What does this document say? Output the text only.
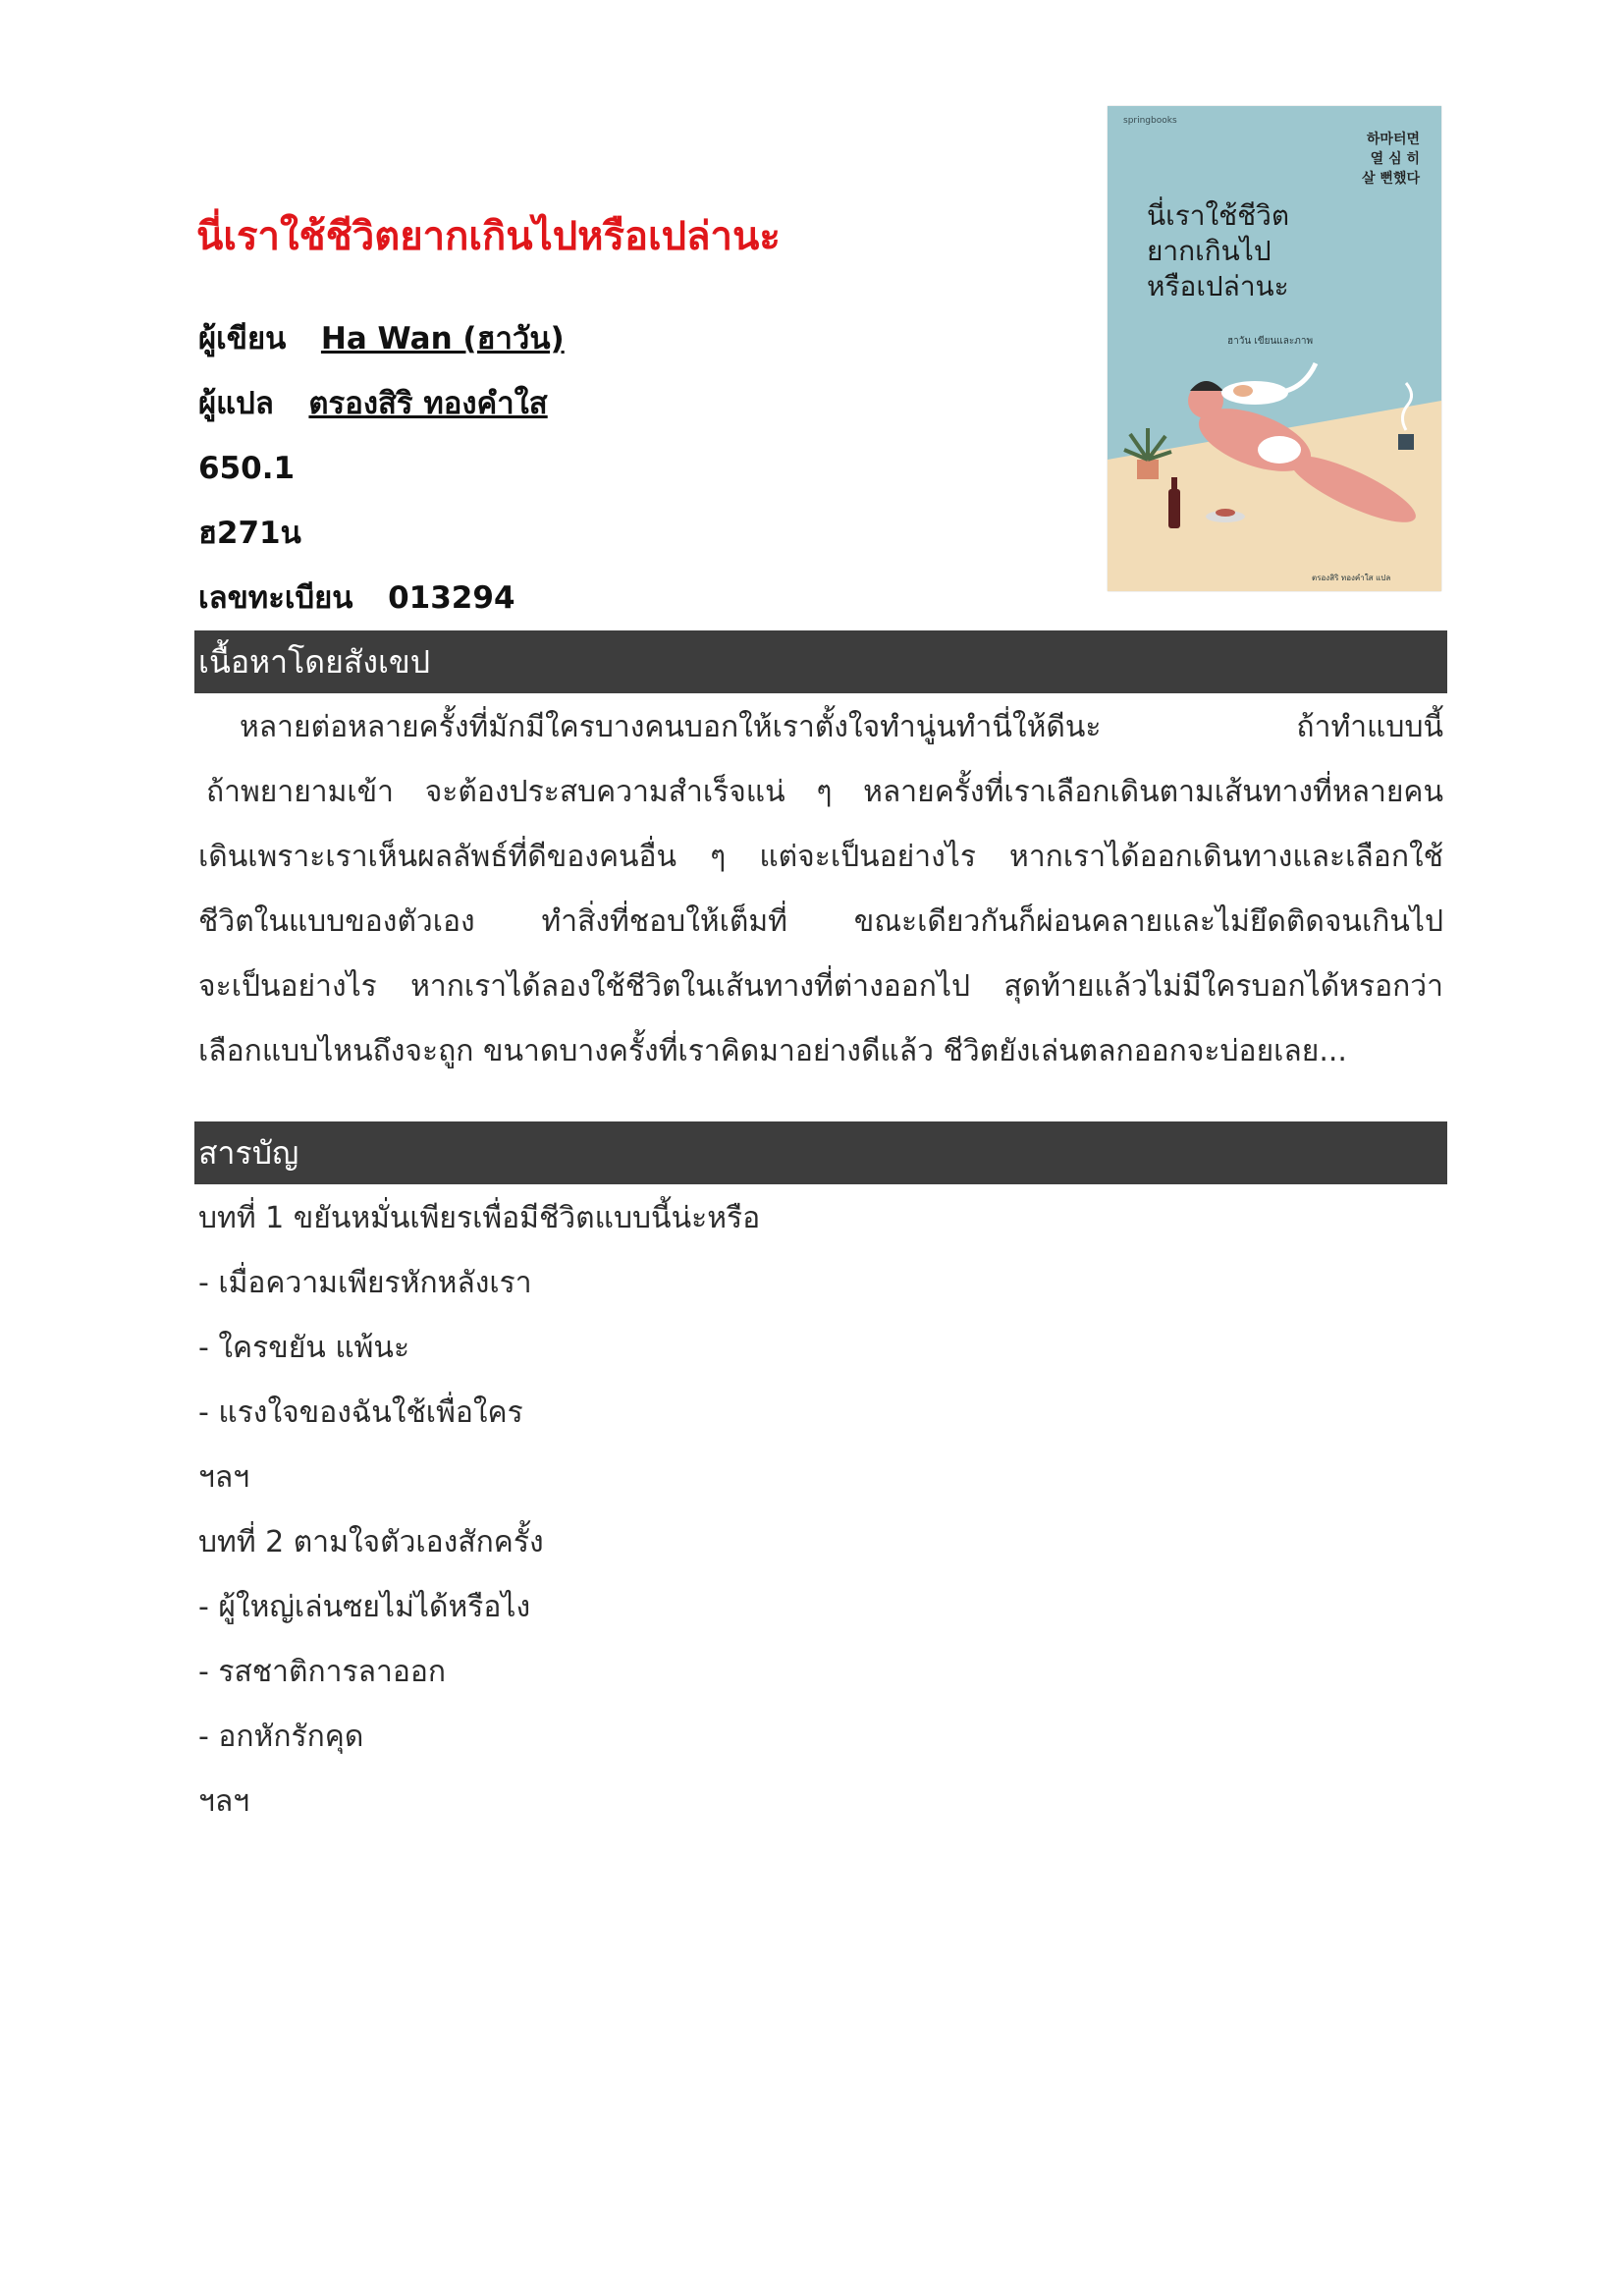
นี่เราใช้ชีวิตยากเกินไปหรือเปล่านะ
ผู้เขียน Ha Wan (ฮาวัน)
ผู้แปล ตรองสิริ ทองคำใส
650.1
ฮ271น
เลขทะเบียน 013294
springbooks
하마터면
열 심 히
살 뻔했다
นี่เราใช้ชีวิต
ยากเกินไป
หรือเปล่านะ
ฮาวัน เขียนและภาพ
ตรองสิริ ทองคำใส แปล
เนื้อหาโดยสังเขป
หลายต่อหลายครั้งที่มักมีใครบางคนบอกให้เราตั้งใจทำนู่นทำนี่ให้ดีนะ ถ้าทำแบบนี้
ถ้าพยายามเข้า จะต้องประสบความสำเร็จแน่ ๆ หลายครั้งที่เราเลือกเดินตามเส้นทางที่หลายคน
เดินเพราะเราเห็นผลลัพธ์ที่ดีของคนอื่น ๆ แต่จะเป็นอย่างไร หากเราได้ออกเดินทางและเลือกใช้
ชีวิตในแบบของตัวเอง ทำสิ่งที่ชอบให้เต็มที่ ขณะเดียวกันก็ผ่อนคลายและไม่ยึดติดจนเกินไป
จะเป็นอย่างไร หากเราได้ลองใช้ชีวิตในเส้นทางที่ต่างออกไป สุดท้ายแล้วไม่มีใครบอกได้หรอกว่า
เลือกแบบไหนถึงจะถูก ขนาดบางครั้งที่เราคิดมาอย่างดีแล้ว ชีวิตยังเล่นตลกออกจะบ่อยเลย...
สารบัญ
บทที่ 1 ขยันหมั่นเพียรเพื่อมีชีวิตแบบนี้น่ะหรือ
- เมื่อความเพียรหักหลังเรา
- ใครขยัน แพ้นะ
- แรงใจของฉันใช้เพื่อใคร
ฯลฯ
บทที่ 2 ตามใจตัวเองสักครั้ง
- ผู้ใหญ่เล่นซยไม่ได้หรือไง
- รสชาติการลาออก
- อกหักรักคุด
ฯลฯ
